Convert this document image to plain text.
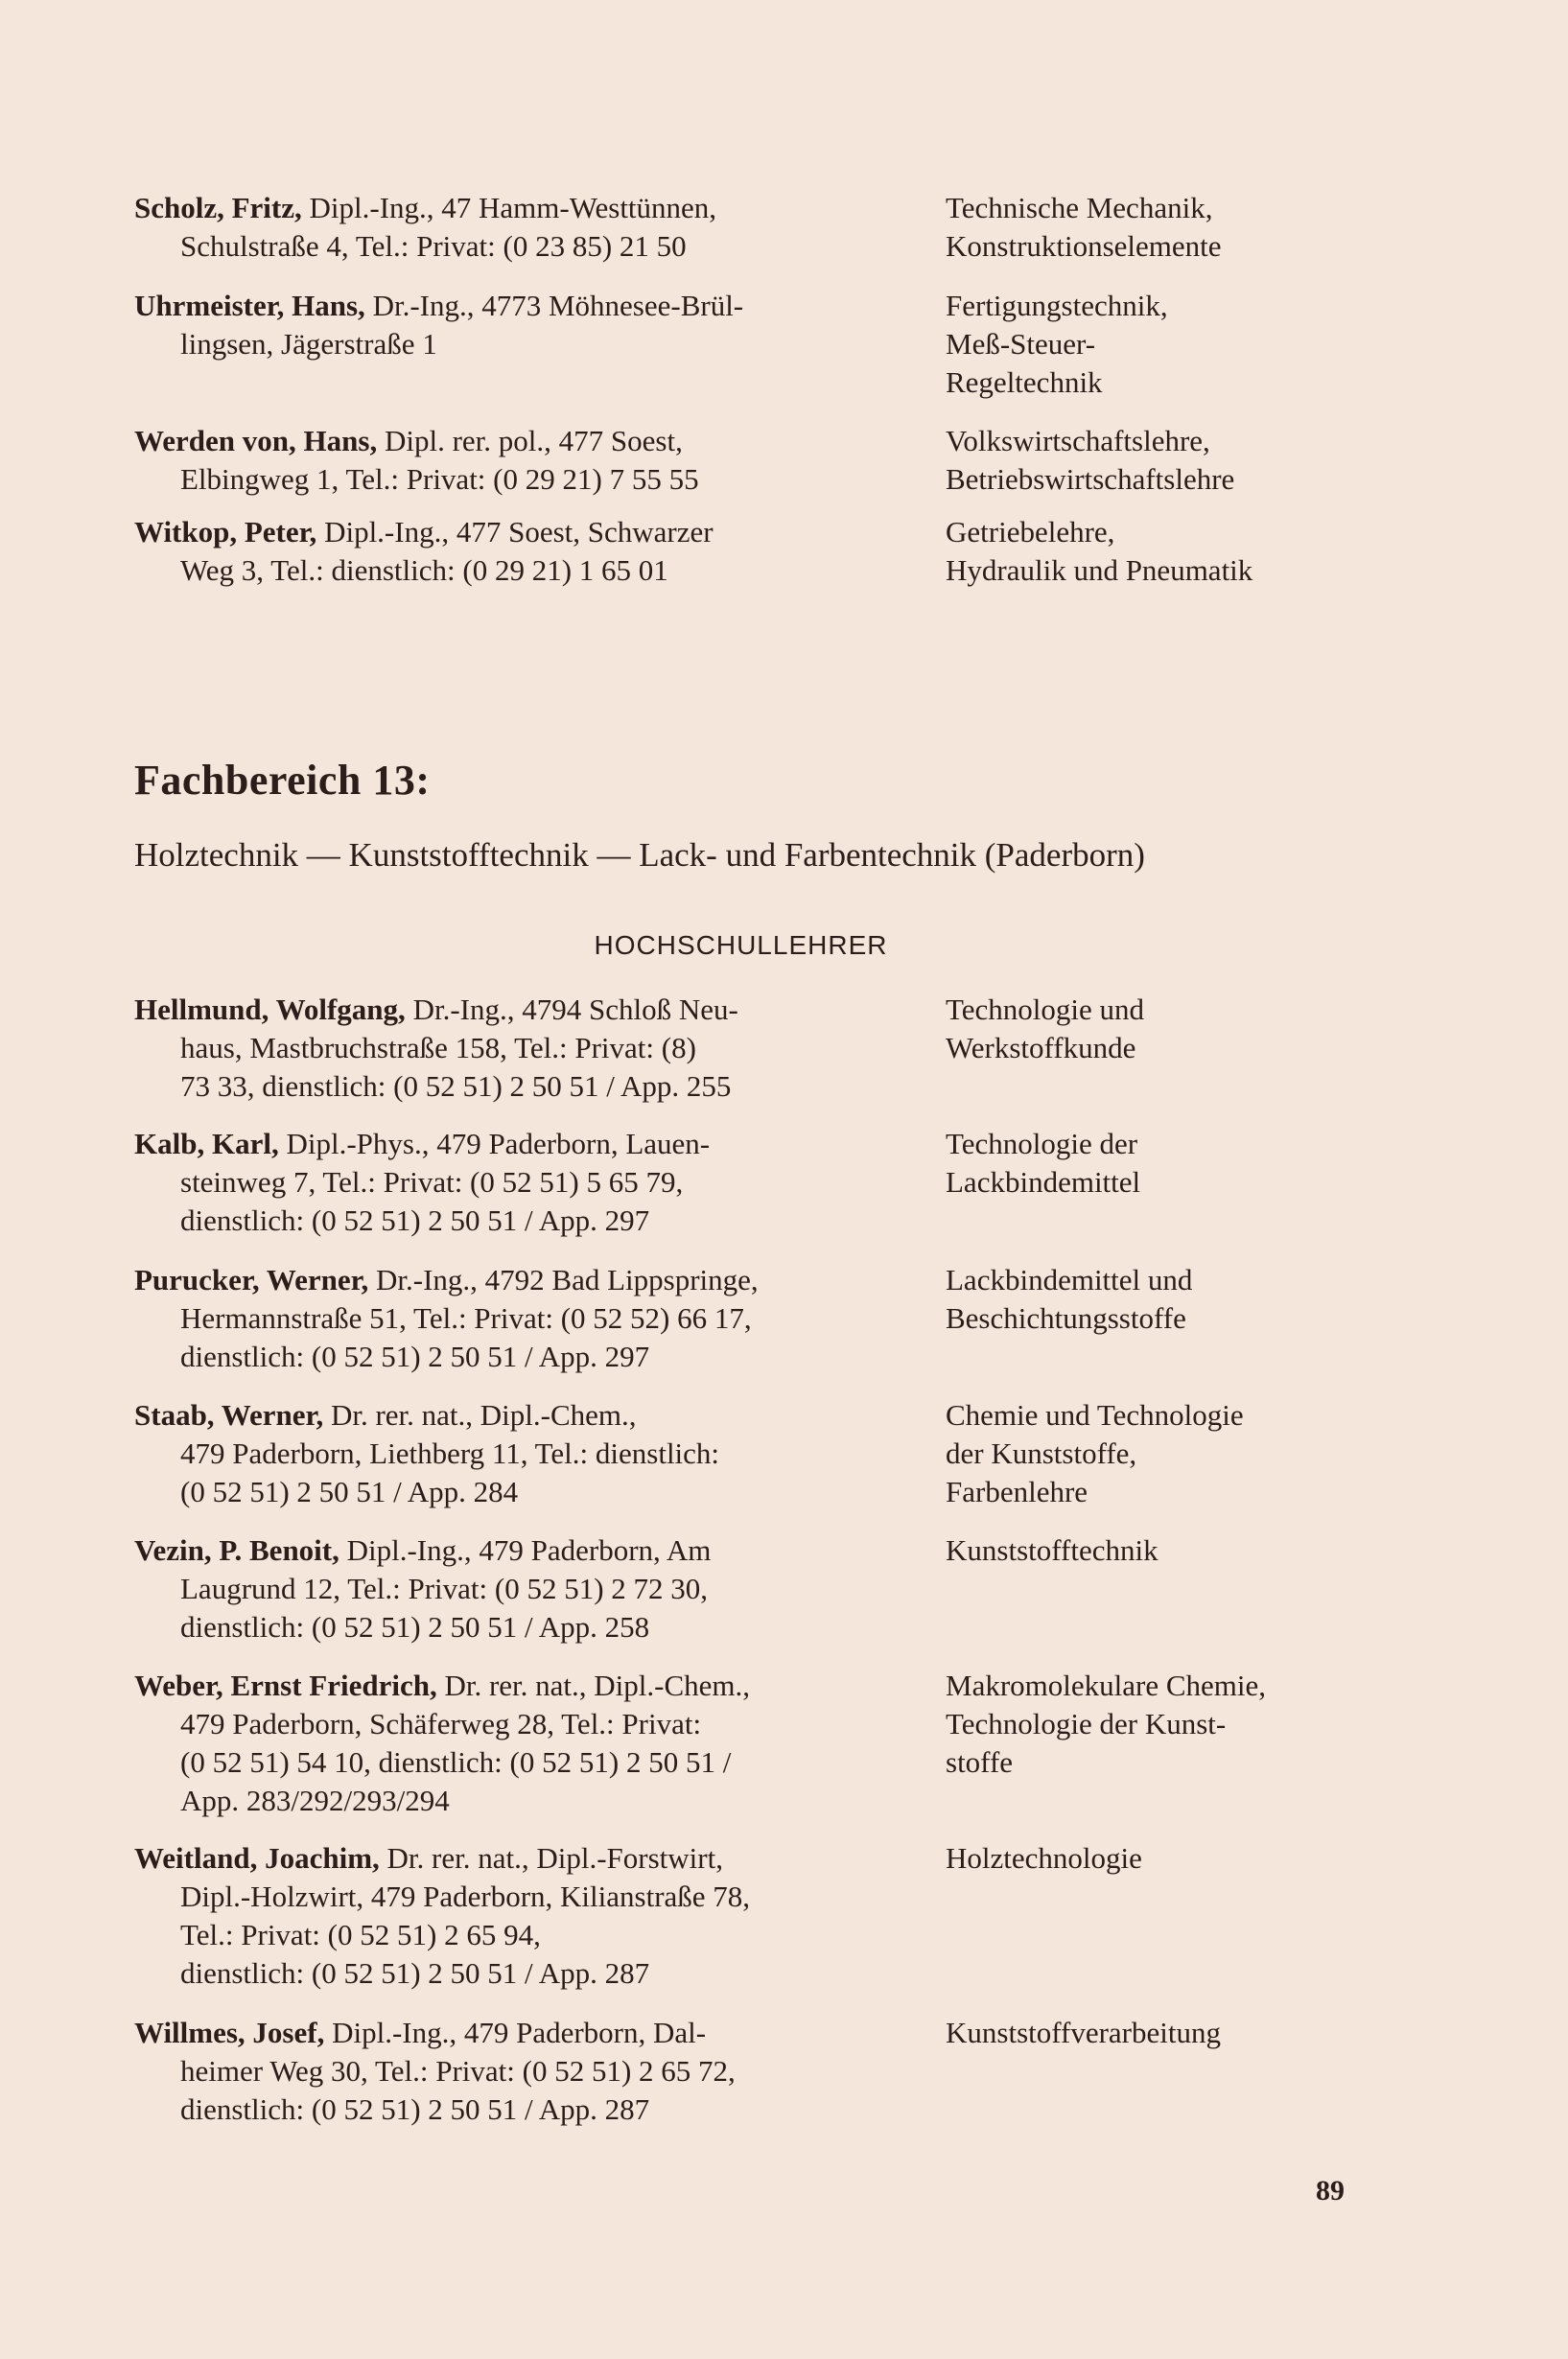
Scholz, Fritz, Dipl.-Ing., 47 Hamm-Westtünnen,
Schulstraße 4, Tel.: Privat: (0 23 85) 21 50
Technische Mechanik,
Konstruktionselemente
Uhrmeister, Hans, Dr.-Ing., 4773 Möhnesee-Brül-
lingsen, Jägerstraße 1
Fertigungstechnik,
Meß-Steuer-
Regeltechnik
Werden von, Hans, Dipl. rer. pol., 477 Soest,
Elbingweg 1, Tel.: Privat: (0 29 21) 7 55 55
Volkswirtschaftslehre,
Betriebswirtschaftslehre
Witkop, Peter, Dipl.-Ing., 477 Soest, Schwarzer
Weg 3, Tel.: dienstlich: (0 29 21) 1 65 01
Getriebelehre,
Hydraulik und Pneumatik
Fachbereich 13:
Holztechnik — Kunststofftechnik — Lack- und Farbentechnik (Paderborn)
HOCHSCHULLEHRER
Hellmund, Wolfgang, Dr.-Ing., 4794 Schloß Neu-
haus, Mastbruchstraße 158, Tel.: Privat: (8)
73 33, dienstlich: (0 52 51) 2 50 51 / App. 255
Technologie und
Werkstoffkunde
Kalb, Karl, Dipl.-Phys., 479 Paderborn, Lauen-
steinweg 7, Tel.: Privat: (0 52 51) 5 65 79,
dienstlich: (0 52 51) 2 50 51 / App. 297
Technologie der
Lackbindemittel
Purucker, Werner, Dr.-Ing., 4792 Bad Lippspringe,
Hermannstraße 51, Tel.: Privat: (0 52 52) 66 17,
dienstlich: (0 52 51) 2 50 51 / App. 297
Lackbindemittel und
Beschichtungsstoffe
Staab, Werner, Dr. rer. nat., Dipl.-Chem.,
479 Paderborn, Liethberg 11, Tel.: dienstlich:
(0 52 51) 2 50 51 / App. 284
Chemie und Technologie
der Kunststoffe,
Farbenlehre
Vezin, P. Benoit, Dipl.-Ing., 479 Paderborn, Am
Laugrund 12, Tel.: Privat: (0 52 51) 2 72 30,
dienstlich: (0 52 51) 2 50 51 / App. 258
Kunststofftechnik
Weber, Ernst Friedrich, Dr. rer. nat., Dipl.-Chem.,
479 Paderborn, Schäferweg 28, Tel.: Privat:
(0 52 51) 54 10, dienstlich: (0 52 51) 2 50 51 /
App. 283/292/293/294
Makromolekulare Chemie,
Technologie der Kunst-
stoffe
Weitland, Joachim, Dr. rer. nat., Dipl.-Forstwirt,
Dipl.-Holzwirt, 479 Paderborn, Kilianstraße 78,
Tel.: Privat: (0 52 51) 2 65 94,
dienstlich: (0 52 51) 2 50 51 / App. 287
Holztechnologie
Willmes, Josef, Dipl.-Ing., 479 Paderborn, Dal-
heimer Weg 30, Tel.: Privat: (0 52 51) 2 65 72,
dienstlich: (0 52 51) 2 50 51 / App. 287
Kunststoffverarbeitung
89
